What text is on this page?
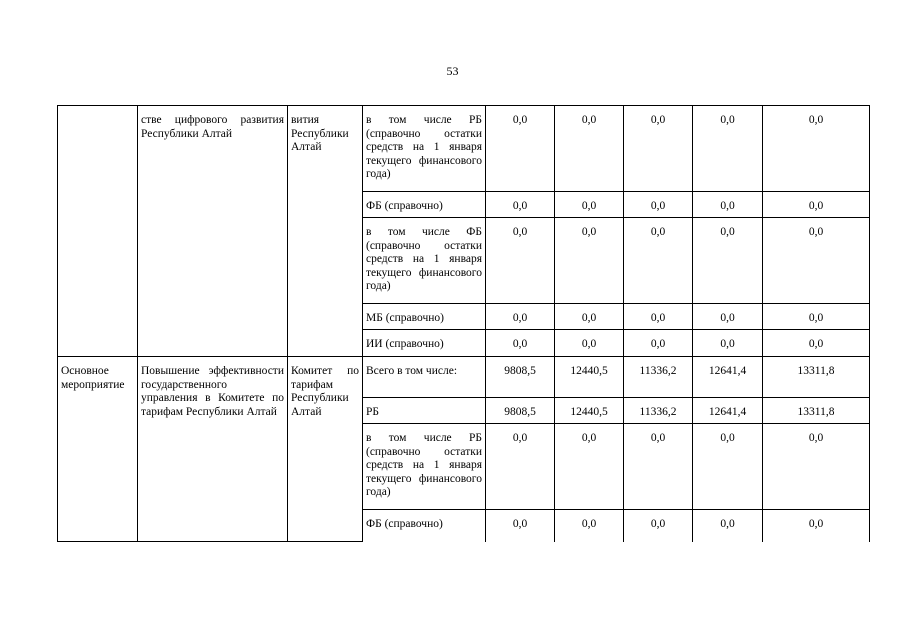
53
	стве цифрового развития Республики Алтай	вития Республики Алтай	в том числе РБ (справочно остатки средств на 1 января текущего финансового года)	0,0	0,0	0,0	0,0	0,0
			ФБ (справочно)	0,0	0,0	0,0	0,0	0,0
			в том числе ФБ (справочно остатки средств на 1 января текущего финансового года)	0,0	0,0	0,0	0,0	0,0
			МБ (справочно)	0,0	0,0	0,0	0,0	0,0
			ИИ (справочно)	0,0	0,0	0,0	0,0	0,0
Основное мероприятие	Повышение эффективности государственного управления в Комитете по тарифам Республики Алтай	Комитет по тарифам Республики Алтай	Всего в том числе:	9808,5	12440,5	11336,2	12641,4	13311,8
			РБ	9808,5	12440,5	11336,2	12641,4	13311,8
			в том числе РБ (справочно остатки средств на 1 января текущего финансового года)	0,0	0,0	0,0	0,0	0,0
			ФБ (справочно)	0,0	0,0	0,0	0,0	0,0
